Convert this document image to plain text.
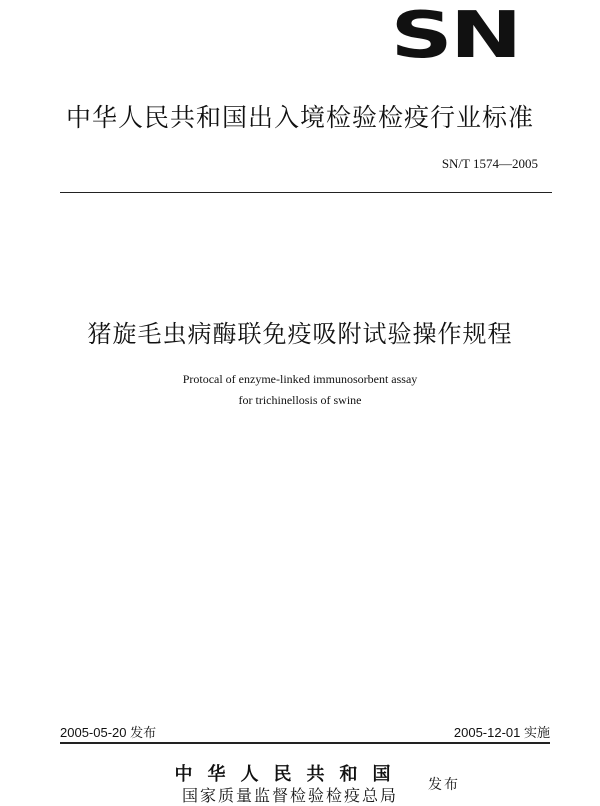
SN
中华人民共和国出入境检验检疫行业标准
SN/T 1574—2005
猪旋毛虫病酶联免疫吸附试验操作规程
Protocal of enzyme-linked immunosorbent assay
for trichinellosis of swine
2005-05-20 发布	2005-12-01 实施
中华人民共和国
国家质量监督检验检疫总局
发布
